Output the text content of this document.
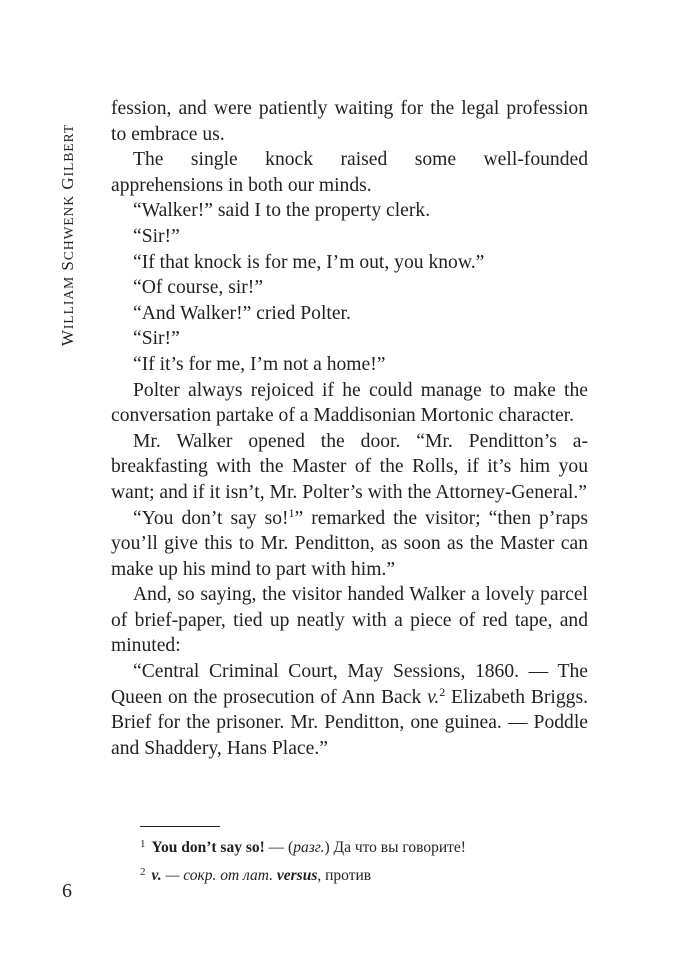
WILLIAM SCHWENK GILBERT

fession, and were patiently waiting for the legal profession to embrace us.

The single knock raised some well-founded apprehensions in both our minds.

“Walker!” said I to the property clerk.

“Sir!”

“If that knock is for me, I’m out, you know.”

“Of course, sir!”

“And Walker!” cried Polter.

“Sir!”

“If it’s for me, I’m not a home!”

Polter always rejoiced if he could manage to make the conversation partake of a Maddisonian Mortonic character.

Mr. Walker opened the door. “Mr. Penditton’s a-breakfasting with the Master of the Rolls, if it’s him you want; and if it isn’t, Mr. Polter’s with the Attorney-General.”

“You don’t say so!$^1$” remarked the visitor; “then p’raps you’ll give this to Mr. Penditton, as soon as the Master can make up his mind to part with him.”

And, so saying, the visitor handed Walker a lovely parcel of brief-paper, tied up neatly with a piece of red tape, and minuted:

“Central Criminal Court, May Sessions, 1860. — The Queen on the prosecution of Ann Back v.$^2$ Elizabeth Briggs. Brief for the prisoner. Mr. Penditton, one guinea. — Poddle and Shaddery, Hans Place.”

$^1$ You don’t say so! — (разг.) Да что вы говорите!
$^2$ v. — сокр. от лат. versus, против
6
